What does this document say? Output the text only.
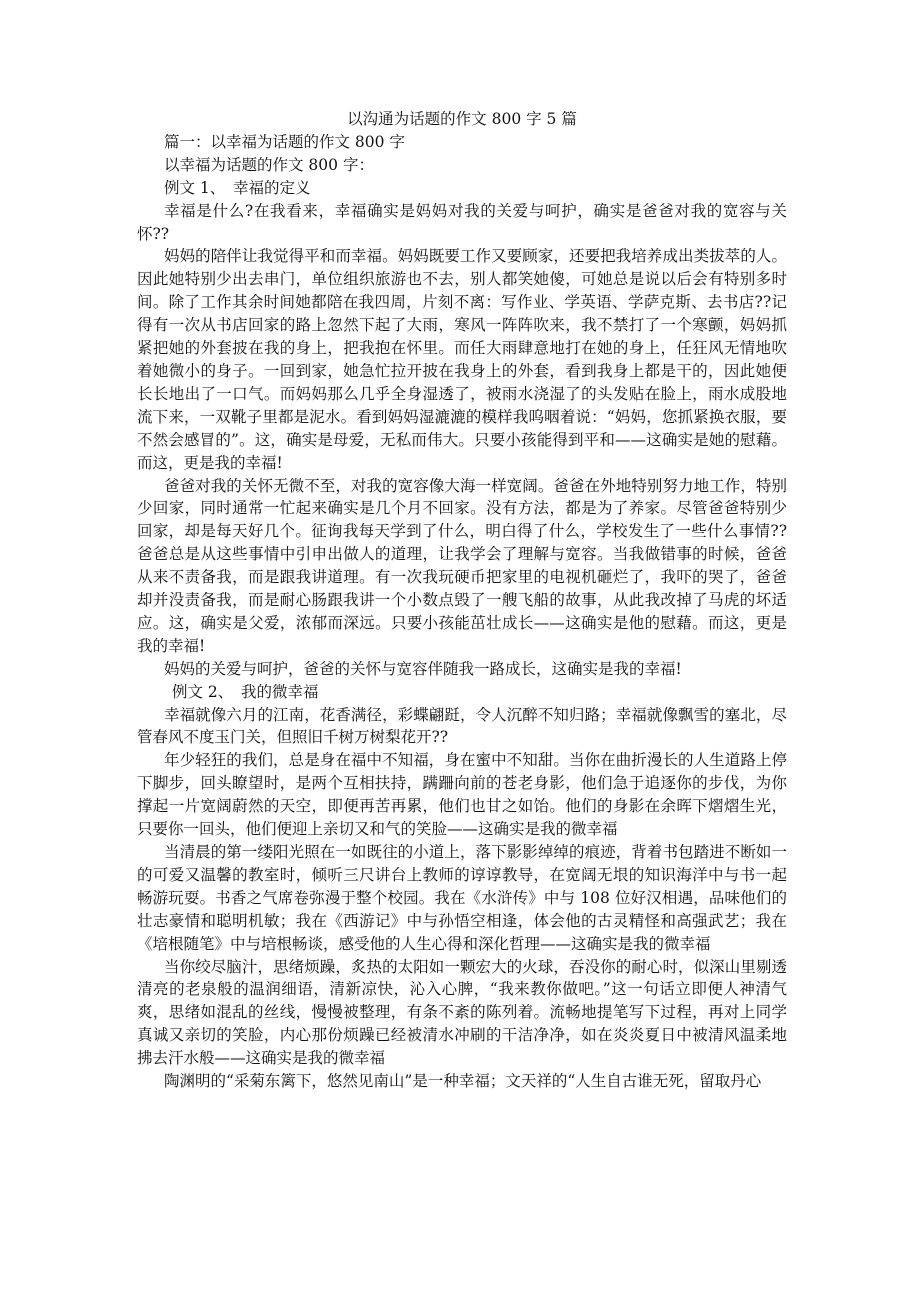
以沟通为话题的作文 800 字 5 篇

篇一：以幸福为话题的作文 800 字

以幸福为话题的作文 800 字：

例文 1、　幸福的定义

幸福是什么?在我看来，幸福确实是妈妈对我的关爱与呵护，确实是爸爸对我的宽容与关怀??

妈妈的陪伴让我觉得平和而幸福。妈妈既要工作又要顾家，还要把我培养成出类拔萃的人。因此她特别少出去串门，单位组织旅游也不去，别人都笑她傻，可她总是说以后会有特别多时间。除了工作其余时间她都陪在我四周，片刻不离：写作业、学英语、学萨克斯、去书店??记得有一次从书店回家的路上忽然下起了大雨，寒风一阵阵吹来，我不禁打了一个寒颤，妈妈抓紧把她的外套披在我的身上，把我抱在怀里。而任大雨肆意地打在她的身上，任狂风无情地吹着她微小的身子。一回到家，她急忙拉开披在我身上的外套，看到我身上都是干的，因此她便长长地出了一口气。而妈妈那么几乎全身湿透了，被雨水浇湿了的头发贴在脸上，雨水成股地流下来，一双靴子里都是泥水。看到妈妈湿漉漉的模样我呜咽着说：“妈妈，您抓紧换衣服，要不然会感冒的”。这，确实是母爱，无私而伟大。只要小孩能得到平和——这确实是她的慰藉。而这，更是我的幸福!

爸爸对我的关怀无微不至，对我的宽容像大海一样宽阔。爸爸在外地特别努力地工作，特别少回家，同时通常一忙起来确实是几个月不回家。没有方法，都是为了养家。尽管爸爸特别少回家，却是每天好几个。征询我每天学到了什么，明白得了什么，学校发生了一些什么事情??爸爸总是从这些事情中引申出做人的道理，让我学会了理解与宽容。当我做错事的时候，爸爸从来不责备我，而是跟我讲道理。有一次我玩硬币把家里的电视机砸烂了，我吓的哭了，爸爸却并没责备我，而是耐心肠跟我讲一个小数点毁了一艘飞船的故事，从此我改掉了马虎的坏适应。这，确实是父爱，浓郁而深远。只要小孩能茁壮成长——这确实是他的慰藉。而这，更是我的幸福!

妈妈的关爱与呵护，爸爸的关怀与宽容伴随我一路成长，这确实是我的幸福!

例文 2、　我的微幸福

幸福就像六月的江南，花香满径，彩蝶翩跹，令人沉醉不知归路；幸福就像飘雪的塞北，尽管春风不度玉门关，但照旧千树万树梨花开??

年少轻狂的我们，总是身在福中不知福，身在蜜中不知甜。当你在曲折漫长的人生道路上停下脚步，回头瞭望时，是两个互相扶持，蹒跚向前的苍老身影，他们急于追逐你的步伐，为你撑起一片宽阔蔚然的天空，即便再苦再累，他们也甘之如饴。他们的身影在余晖下熠熠生光，只要你一回头，他们便迎上亲切又和气的笑脸——这确实是我的微幸福

当清晨的第一缕阳光照在一如既往的小道上，落下影影绰绰的痕迹，背着书包踏进不断如一的可爱又温馨的教室时，倾听三尺讲台上教师的谆谆教导，在宽阔无垠的知识海洋中与书一起畅游玩耍。书香之气席卷弥漫于整个校园。我在《水浒传》中与 108 位好汉相遇，品味他们的壮志豪情和聪明机敏；我在《西游记》中与孙悟空相逢，体会他的古灵精怪和高强武艺；我在《培根随笔》中与培根畅谈，感受他的人生心得和深化哲理——这确实是我的微幸福

当你绞尽脑汁，思绪烦躁，炙热的太阳如一颗宏大的火球，吞没你的耐心时，似深山里剔透清亮的老泉般的温润细语，清新凉快，沁入心脾，“我来教你做吧。”这一句话立即便人神清气爽，思绪如混乱的丝线，慢慢被整理，有条不紊的陈列着。流畅地提笔写下过程，再对上同学真诚又亲切的笑脸，内心那份烦躁已经被清水冲刷的干洁净净，如在炎炎夏日中被清风温柔地拂去汗水般——这确实是我的微幸福

陶渊明的“采菊东篱下，悠然见南山”是一种幸福；文天祥的“人生自古谁无死，留取丹心
